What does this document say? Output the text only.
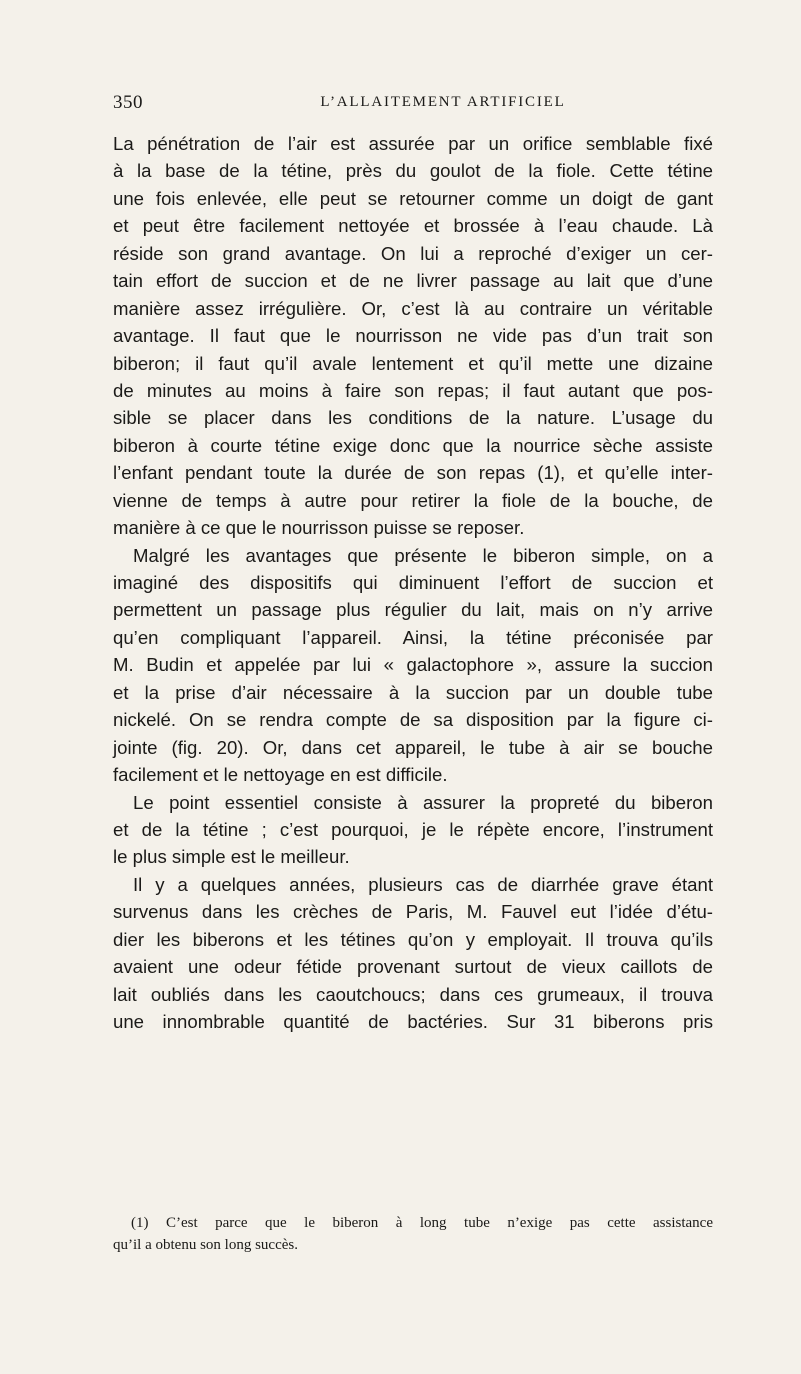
350	L’ALLAITEMENT ARTIFICIEL
La pénétration de l’air est assurée par un orifice semblable fixé
à la base de la tétine, près du goulot de la fiole. Cette tétine
une fois enlevée, elle peut se retourner comme un doigt de gant
et peut être facilement nettoyée et brossée à l’eau chaude. Là
réside son grand avantage. On lui a reproché d’exiger un cer-
tain effort de succion et de ne livrer passage au lait que d’une
manière assez irrégulière. Or, c’est là au contraire un véritable
avantage. Il faut que le nourrisson ne vide pas d’un trait son
biberon; il faut qu’il avale lentement et qu’il mette une dizaine
de minutes au moins à faire son repas; il faut autant que pos-
sible se placer dans les conditions de la nature. L’usage du
biberon à courte tétine exige donc que la nourrice sèche assiste
l’enfant pendant toute la durée de son repas (1), et qu’elle inter-
vienne de temps à autre pour retirer la fiole de la bouche, de
manière à ce que le nourrisson puisse se reposer.
Malgré les avantages que présente le biberon simple, on a
imaginé des dispositifs qui diminuent l’effort de succion et
permettent un passage plus régulier du lait, mais on n’y arrive
qu’en compliquant l’appareil. Ainsi, la tétine préconisée par
M. Budin et appelée par lui « galactophore », assure la succion
et la prise d’air nécessaire à la succion par un double tube
nickelé. On se rendra compte de sa disposition par la figure ci-
jointe (fig. 20). Or, dans cet appareil, le tube à air se bouche
facilement et le nettoyage en est difficile.
Le point essentiel consiste à assurer la propreté du biberon
et de la tétine ; c’est pourquoi, je le répète encore, l’instrument
le plus simple est le meilleur.
Il y a quelques années, plusieurs cas de diarrhée grave étant
survenus dans les crèches de Paris, M. Fauvel eut l’idée d’étu-
dier les biberons et les tétines qu’on y employait. Il trouva qu’ils
avaient une odeur fétide provenant surtout de vieux caillots de
lait oubliés dans les caoutchoucs; dans ces grumeaux, il trouva
une innombrable quantité de bactéries. Sur 31 biberons pris
(1) C’est parce que le biberon à long tube n’exige pas cette assistance
qu’il a obtenu son long succès.
